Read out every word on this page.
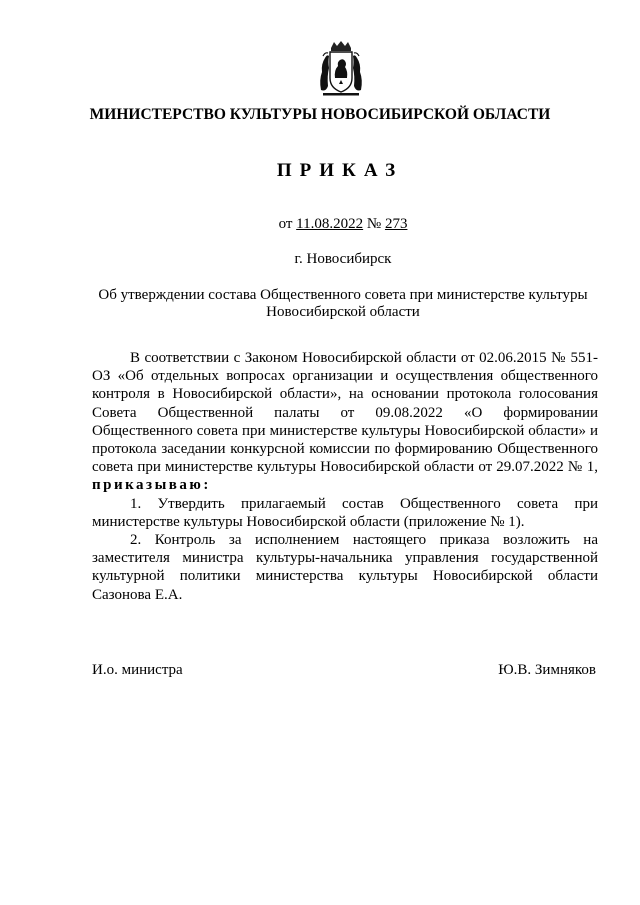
МИНИСТЕРСТВО КУЛЬТУРЫ НОВОСИБИРСКОЙ ОБЛАСТИ
ПРИКАЗ
от 11.08.2022 № 273
г. Новосибирск
Об утверждении состава Общественного совета при министерстве культуры Новосибирской области

В соответствии с Законом Новосибирской области от 02.06.2015 № 551-ОЗ «Об отдельных вопросах организации и осуществления общественного контроля в Новосибирской области», на основании протокола голосования Совета Общественной палаты от 09.08.2022 «О формировании Общественного совета при министерстве культуры Новосибирской области» и протокола заседании конкурсной комиссии по формированию Общественного совета при министерстве культуры Новосибирской области от 29.07.2022 № 1, приказываю:

1. Утвердить прилагаемый состав Общественного совета при министерстве культуры Новосибирской области (приложение № 1).

2. Контроль за исполнением настоящего приказа возложить на заместителя министра культуры-начальника управления государственной культурной политики министерства культуры Новосибирской области Сазонова Е.А.

И.о. министра	Ю.В. Зимняков
